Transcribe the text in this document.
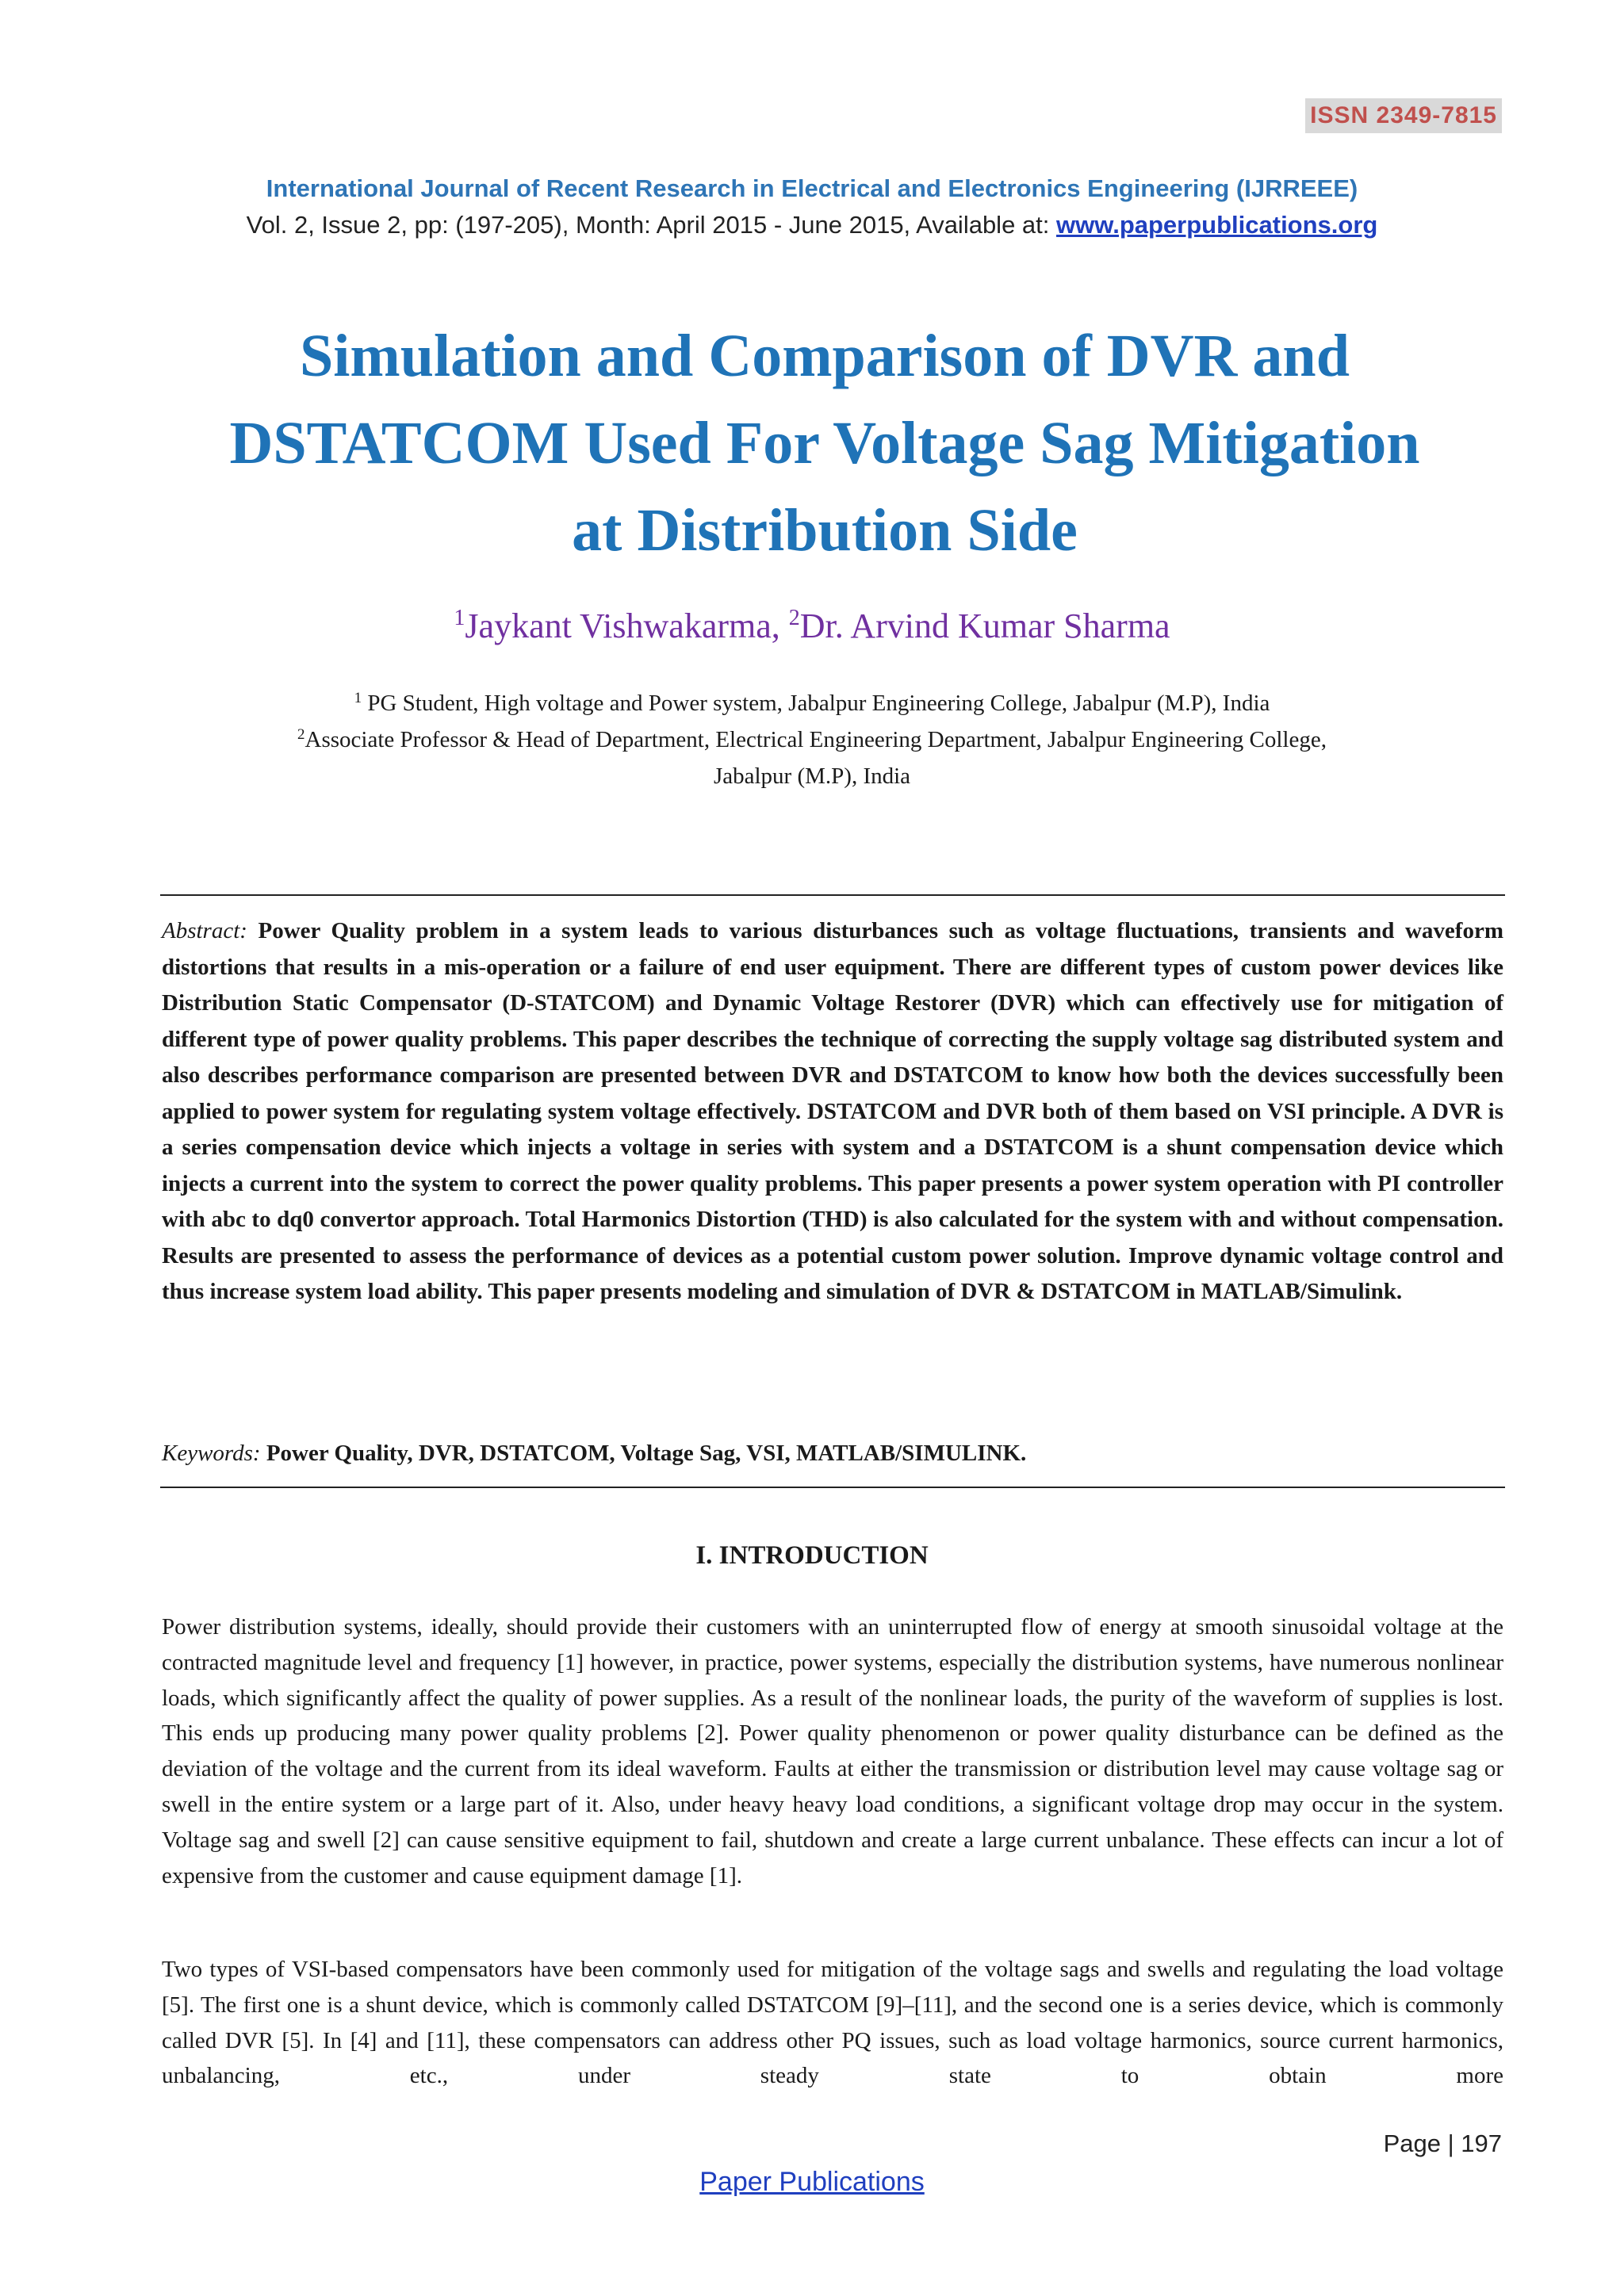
ISSN 2349-7815
International Journal of Recent Research in Electrical and Electronics Engineering (IJRREEE)
Vol. 2, Issue 2, pp: (197-205), Month: April 2015 - June 2015, Available at: www.paperpublications.org
Simulation and Comparison of DVR and
DSTATCOM Used For Voltage Sag Mitigation
at Distribution Side
$^1$Jaykant Vishwakarma, $^2$Dr. Arvind Kumar Sharma
$^1$ PG Student, High voltage and Power system, Jabalpur Engineering College, Jabalpur (M.P), India
$^2$Associate Professor & Head of Department, Electrical Engineering Department, Jabalpur Engineering College,
Jabalpur (M.P), India
Abstract: Power Quality problem in a system leads to various disturbances such as voltage fluctuations, transients and waveform distortions that results in a mis-operation or a failure of end user equipment. There are different types of custom power devices like Distribution Static Compensator (D-STATCOM) and Dynamic Voltage Restorer (DVR) which can effectively use for mitigation of different type of power quality problems. This paper describes the technique of correcting the supply voltage sag distributed system and also describes performance comparison are presented between DVR and DSTATCOM to know how both the devices successfully been applied to power system for regulating system voltage effectively. DSTATCOM and DVR both of them based on VSI principle. A DVR is a series compensation device which injects a voltage in series with system and a DSTATCOM is a shunt compensation device which injects a current into the system to correct the power quality problems. This paper presents a power system operation with PI controller with abc to dq0 convertor approach. Total Harmonics Distortion (THD) is also calculated for the system with and without compensation. Results are presented to assess the performance of devices as a potential custom power solution. Improve dynamic voltage control and thus increase system load ability. This paper presents modeling and simulation of DVR & DSTATCOM in MATLAB/Simulink.
Keywords: Power Quality, DVR, DSTATCOM, Voltage Sag, VSI, MATLAB/SIMULINK.
I. INTRODUCTION
Power distribution systems, ideally, should provide their customers with an uninterrupted flow of energy at smooth sinusoidal voltage at the contracted magnitude level and frequency [1] however, in practice, power systems, especially the distribution systems, have numerous nonlinear loads, which significantly affect the quality of power supplies. As a result of the nonlinear loads, the purity of the waveform of supplies is lost. This ends up producing many power quality problems [2]. Power quality phenomenon or power quality disturbance can be defined as the deviation of the voltage and the current from its ideal waveform. Faults at either the transmission or distribution level may cause voltage sag or swell in the entire system or a large part of it. Also, under heavy heavy load conditions, a significant voltage drop may occur in the system. Voltage sag and swell [2] can cause sensitive equipment to fail, shutdown and create a large current unbalance. These effects can incur a lot of expensive from the customer and cause equipment damage [1].
Two types of VSI-based compensators have been commonly used for mitigation of the voltage sags and swells and regulating the load voltage [5]. The first one is a shunt device, which is commonly called DSTATCOM [9]–[11], and the second one is a series device, which is commonly called DVR [5]. In [4] and [11], these compensators can address other PQ issues, such as load voltage harmonics, source current harmonics, unbalancing, etc., under steady state to obtain more
Page | 197
Paper Publications
